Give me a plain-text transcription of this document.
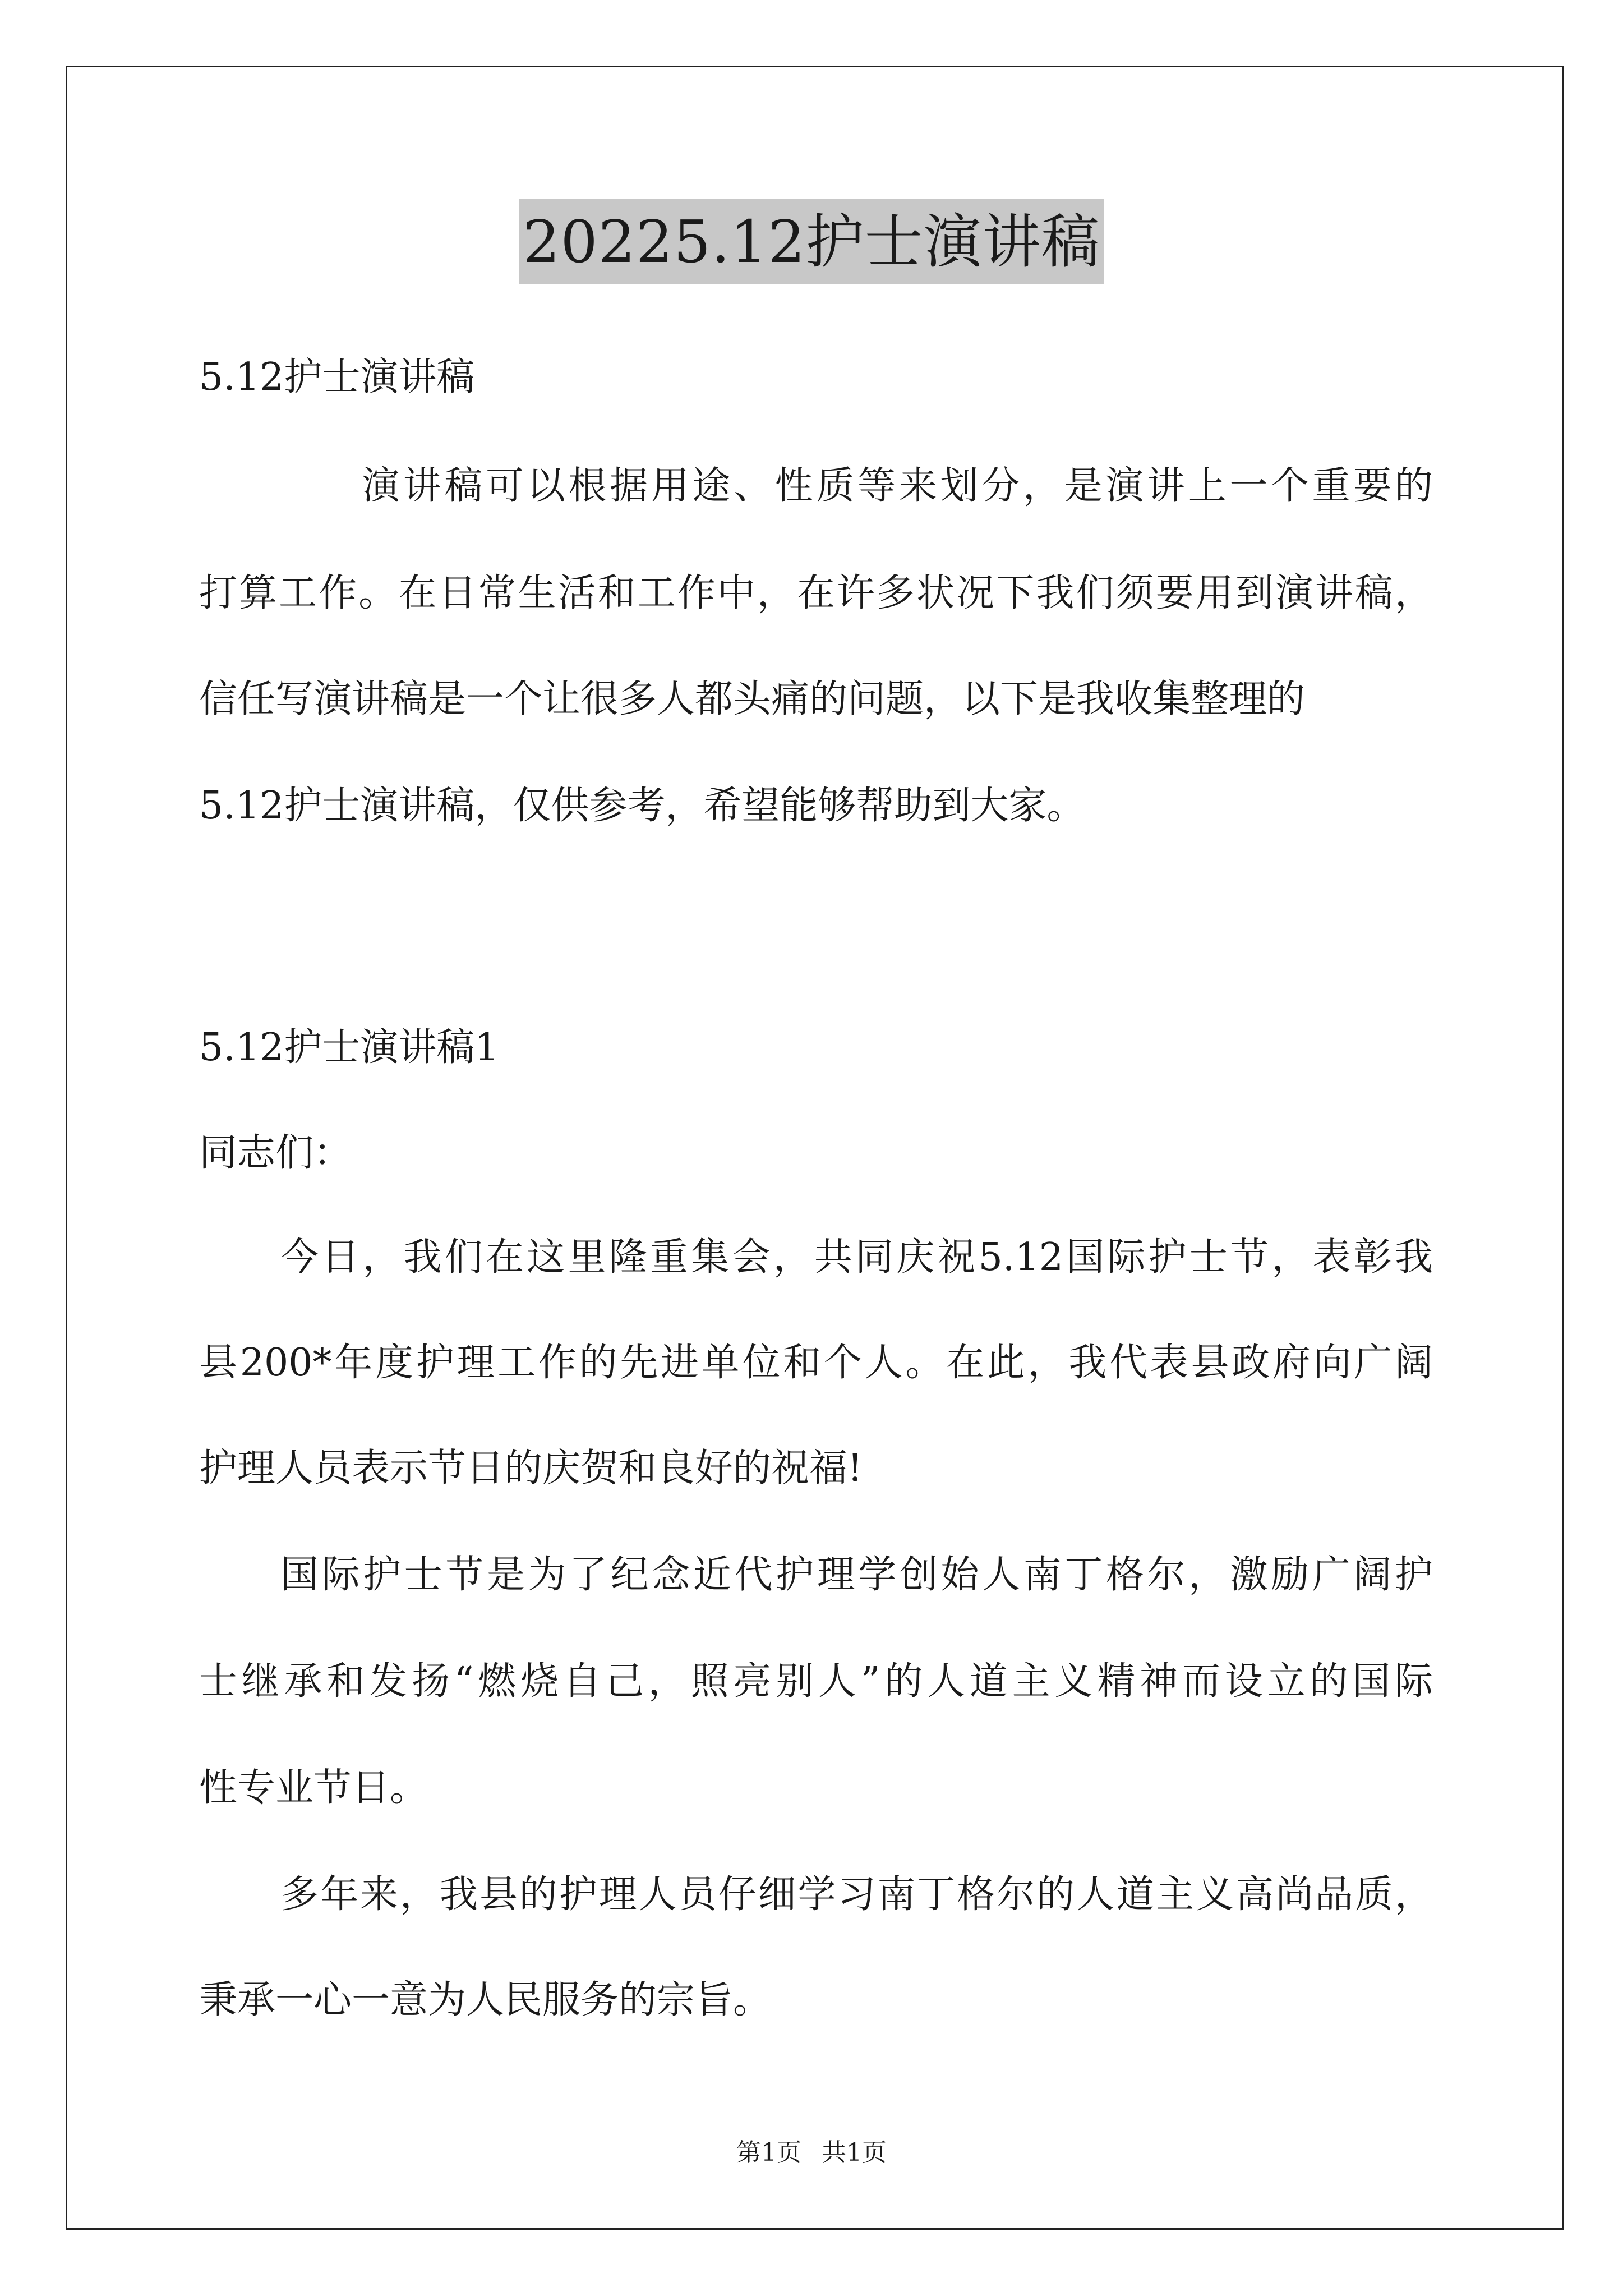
20225.12护士演讲稿
5.12护士演讲稿
演讲稿可以根据用途、性质等来划分，是演讲上一个重要的
打算工作。在日常生活和工作中，在许多状况下我们须要用到演讲稿，
信任写演讲稿是一个让很多人都头痛的问题，以下是我收集整理的
5.12护士演讲稿，仅供参考，希望能够帮助到大家。
5.12护士演讲稿1
同志们：
今日，我们在这里隆重集会，共同庆祝5.12国际护士节，表彰我
县200*年度护理工作的先进单位和个人。在此，我代表县政府向广阔
护理人员表示节日的庆贺和良好的祝福!
国际护士节是为了纪念近代护理学创始人南丁格尔，激励广阔护
士继承和发扬“燃烧自己，照亮别人”的人道主义精神而设立的国际
性专业节日。
多年来，我县的护理人员仔细学习南丁格尔的人道主义高尚品质，
秉承一心一意为人民服务的宗旨。
第1页 共1页
